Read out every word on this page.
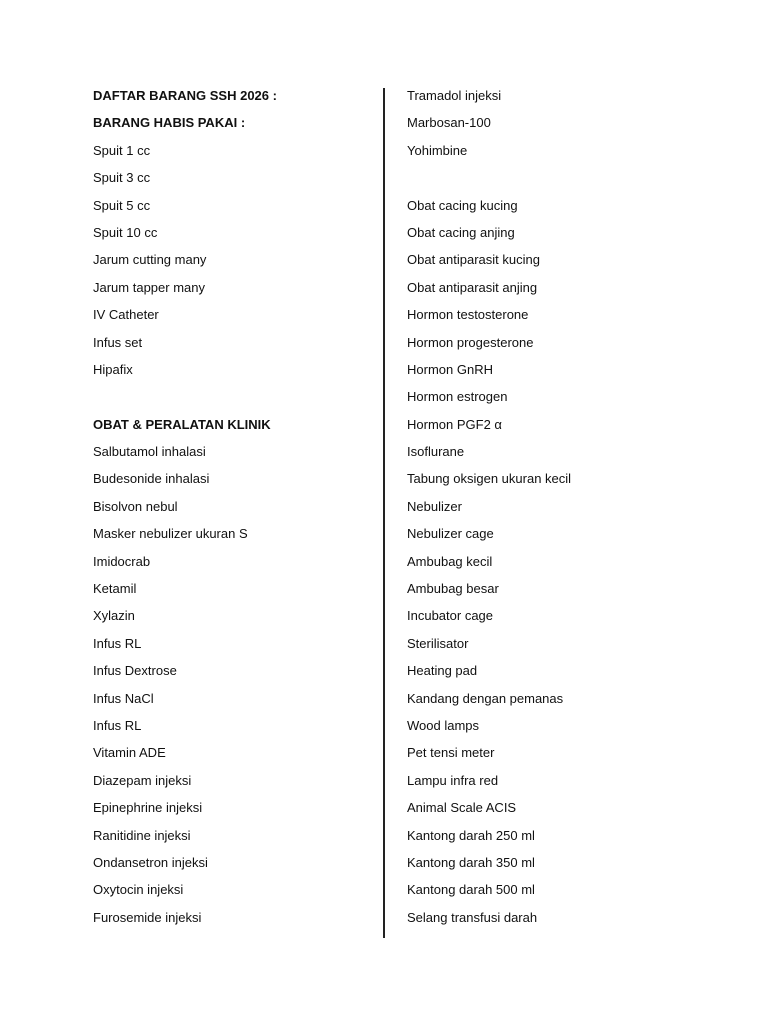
DAFTAR BARANG SSH 2026 :
BARANG HABIS PAKAI :
Spuit 1 cc
Spuit 3 cc
Spuit 5 cc
Spuit 10 cc
Jarum cutting many
Jarum tapper many
IV Catheter
Infus set
Hipafix
OBAT & PERALATAN KLINIK
Salbutamol inhalasi
Budesonide inhalasi
Bisolvon nebul
Masker nebulizer ukuran S
Imidocrab
Ketamil
Xylazin
Infus RL
Infus Dextrose
Infus NaCl
Infus RL
Vitamin ADE
Diazepam injeksi
Epinephrine injeksi
Ranitidine injeksi
Ondansetron injeksi
Oxytocin injeksi
Furosemide injeksi
Tramadol injeksi
Marbosan-100
Yohimbine
Obat cacing kucing
Obat cacing anjing
Obat antiparasit kucing
Obat antiparasit anjing
Hormon testosterone
Hormon progesterone
Hormon GnRH
Hormon estrogen
Hormon PGF2 α
Isoflurane
Tabung oksigen ukuran kecil
Nebulizer
Nebulizer cage
Ambubag kecil
Ambubag besar
Incubator cage
Sterilisator
Heating pad
Kandang dengan pemanas
Wood lamps
Pet tensi meter
Lampu infra red
Animal Scale ACIS
Kantong darah 250 ml
Kantong darah 350 ml
Kantong darah 500 ml
Selang transfusi darah
